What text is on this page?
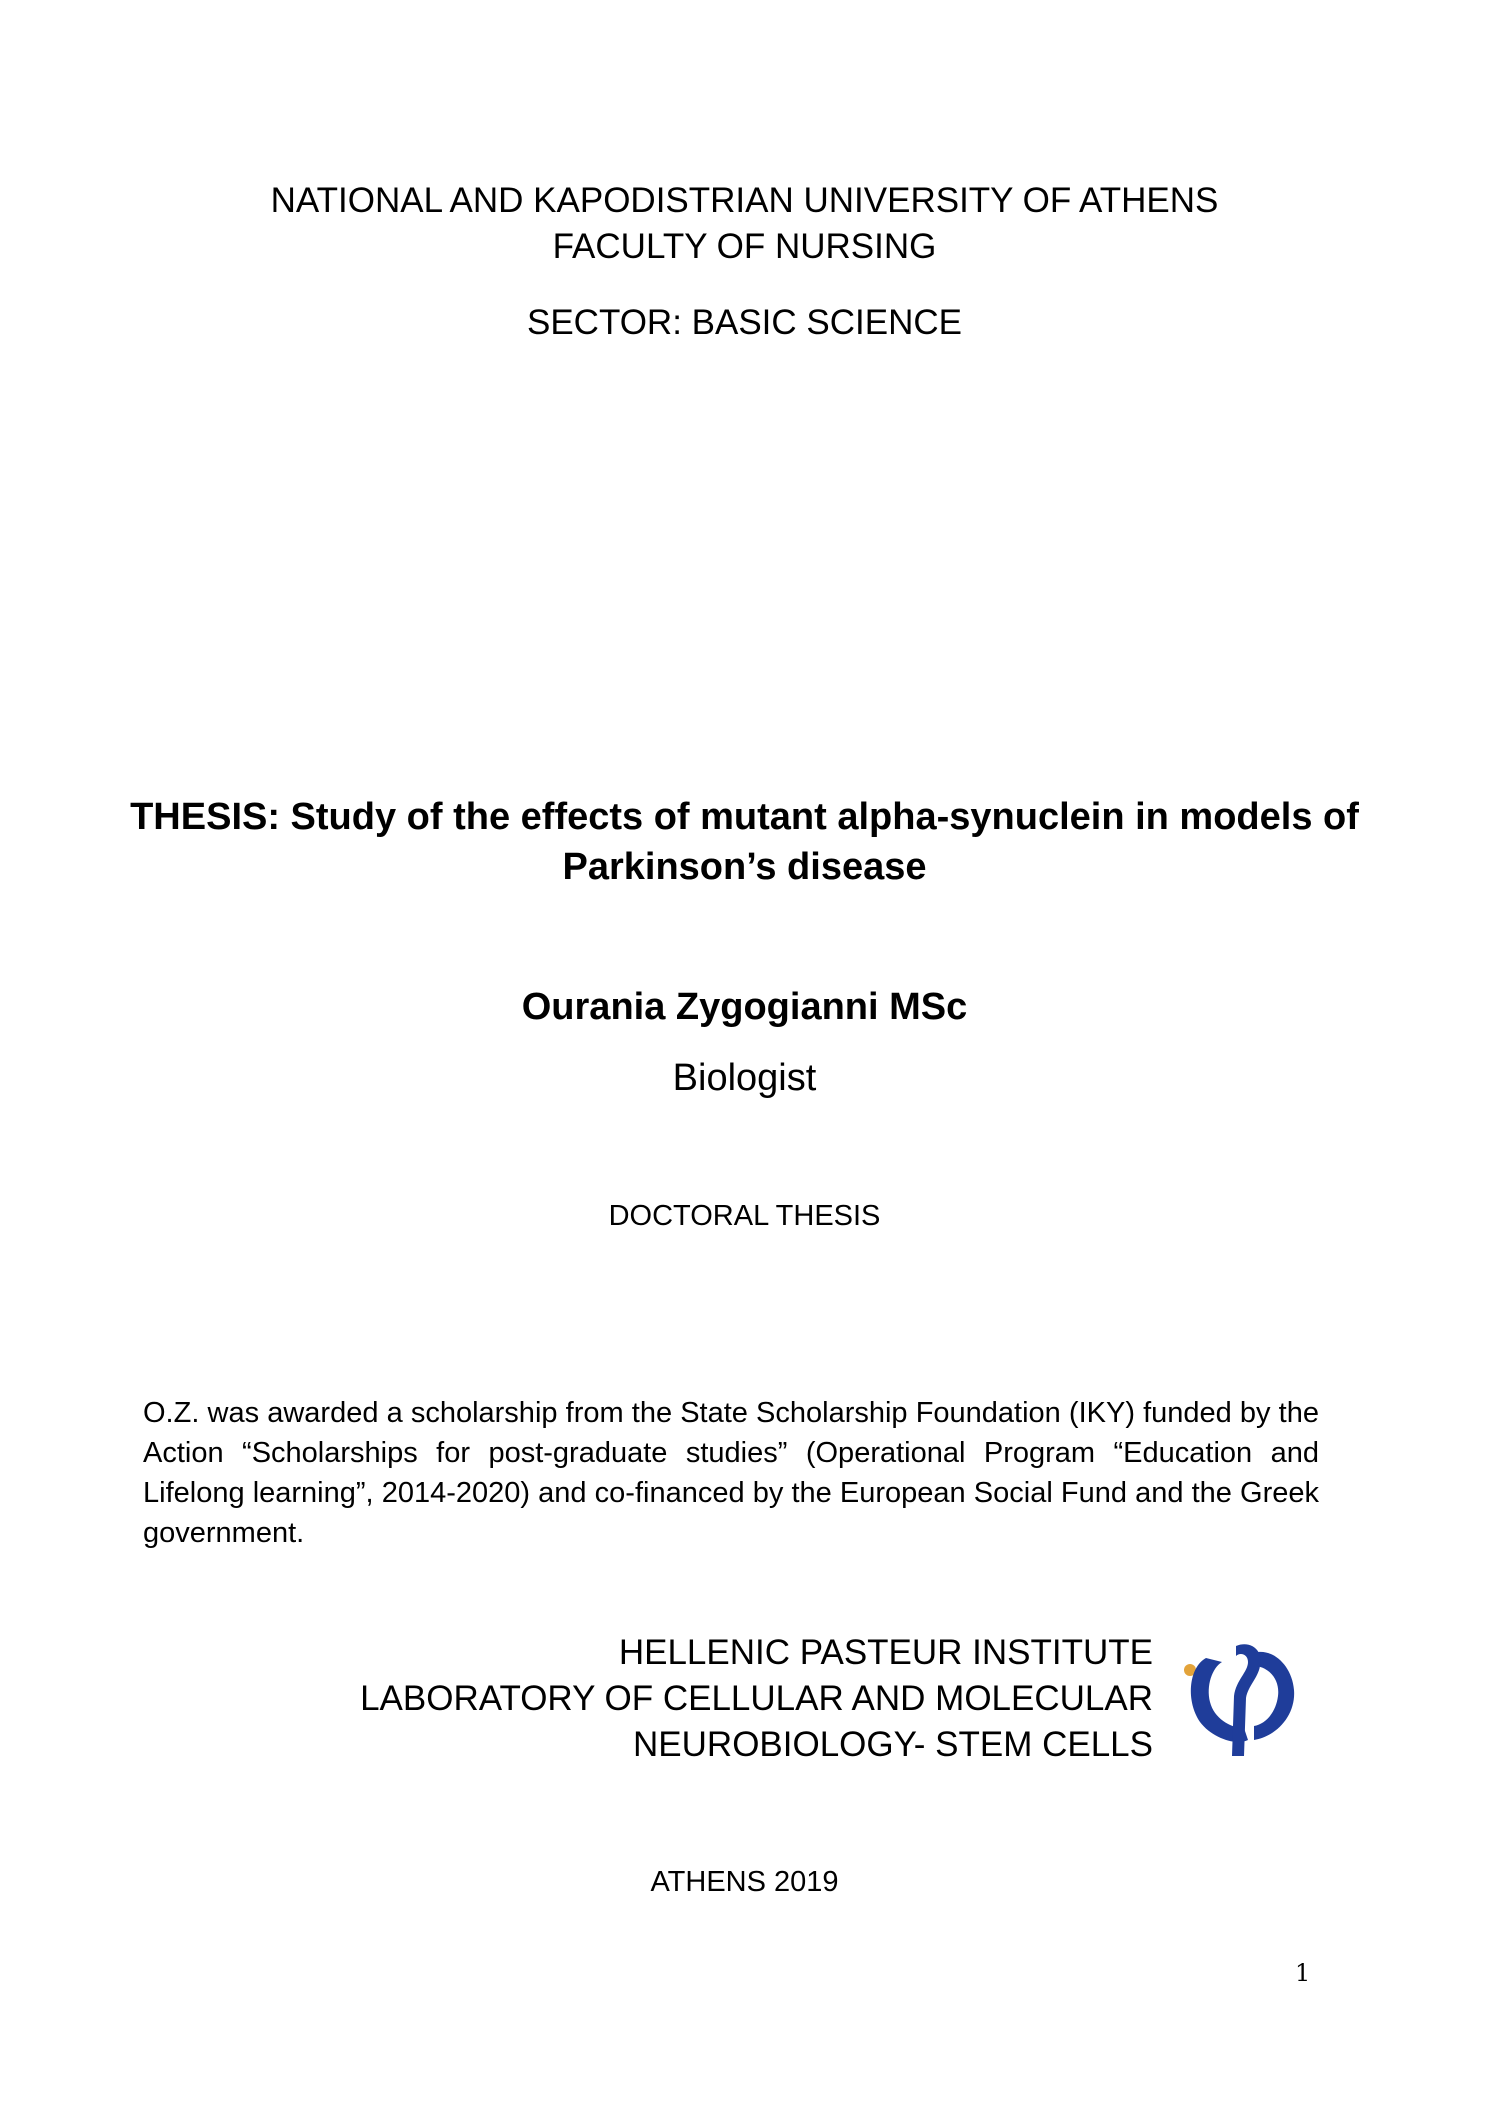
NATIONAL AND KAPODISTRIAN UNIVERSITY OF ATHENS
FACULTY OF NURSING
SECTOR: BASIC SCIENCE
THESIS: Study of the effects of mutant alpha-synuclein in models of Parkinson’s disease
Ourania Zygogianni MSc
Biologist
DOCTORAL THESIS
O.Z. was awarded a scholarship from the State Scholarship Foundation (IKY) funded by the Action “Scholarships for post-graduate studies” (Operational Program “Education and Lifelong learning”, 2014-2020) and co-financed by the European Social Fund and the Greek government.
HELLENIC PASTEUR INSTITUTE
LABORATORY OF CELLULAR AND MOLECULAR
NEUROBIOLOGY- STEM CELLS
ATHENS 2019
1
